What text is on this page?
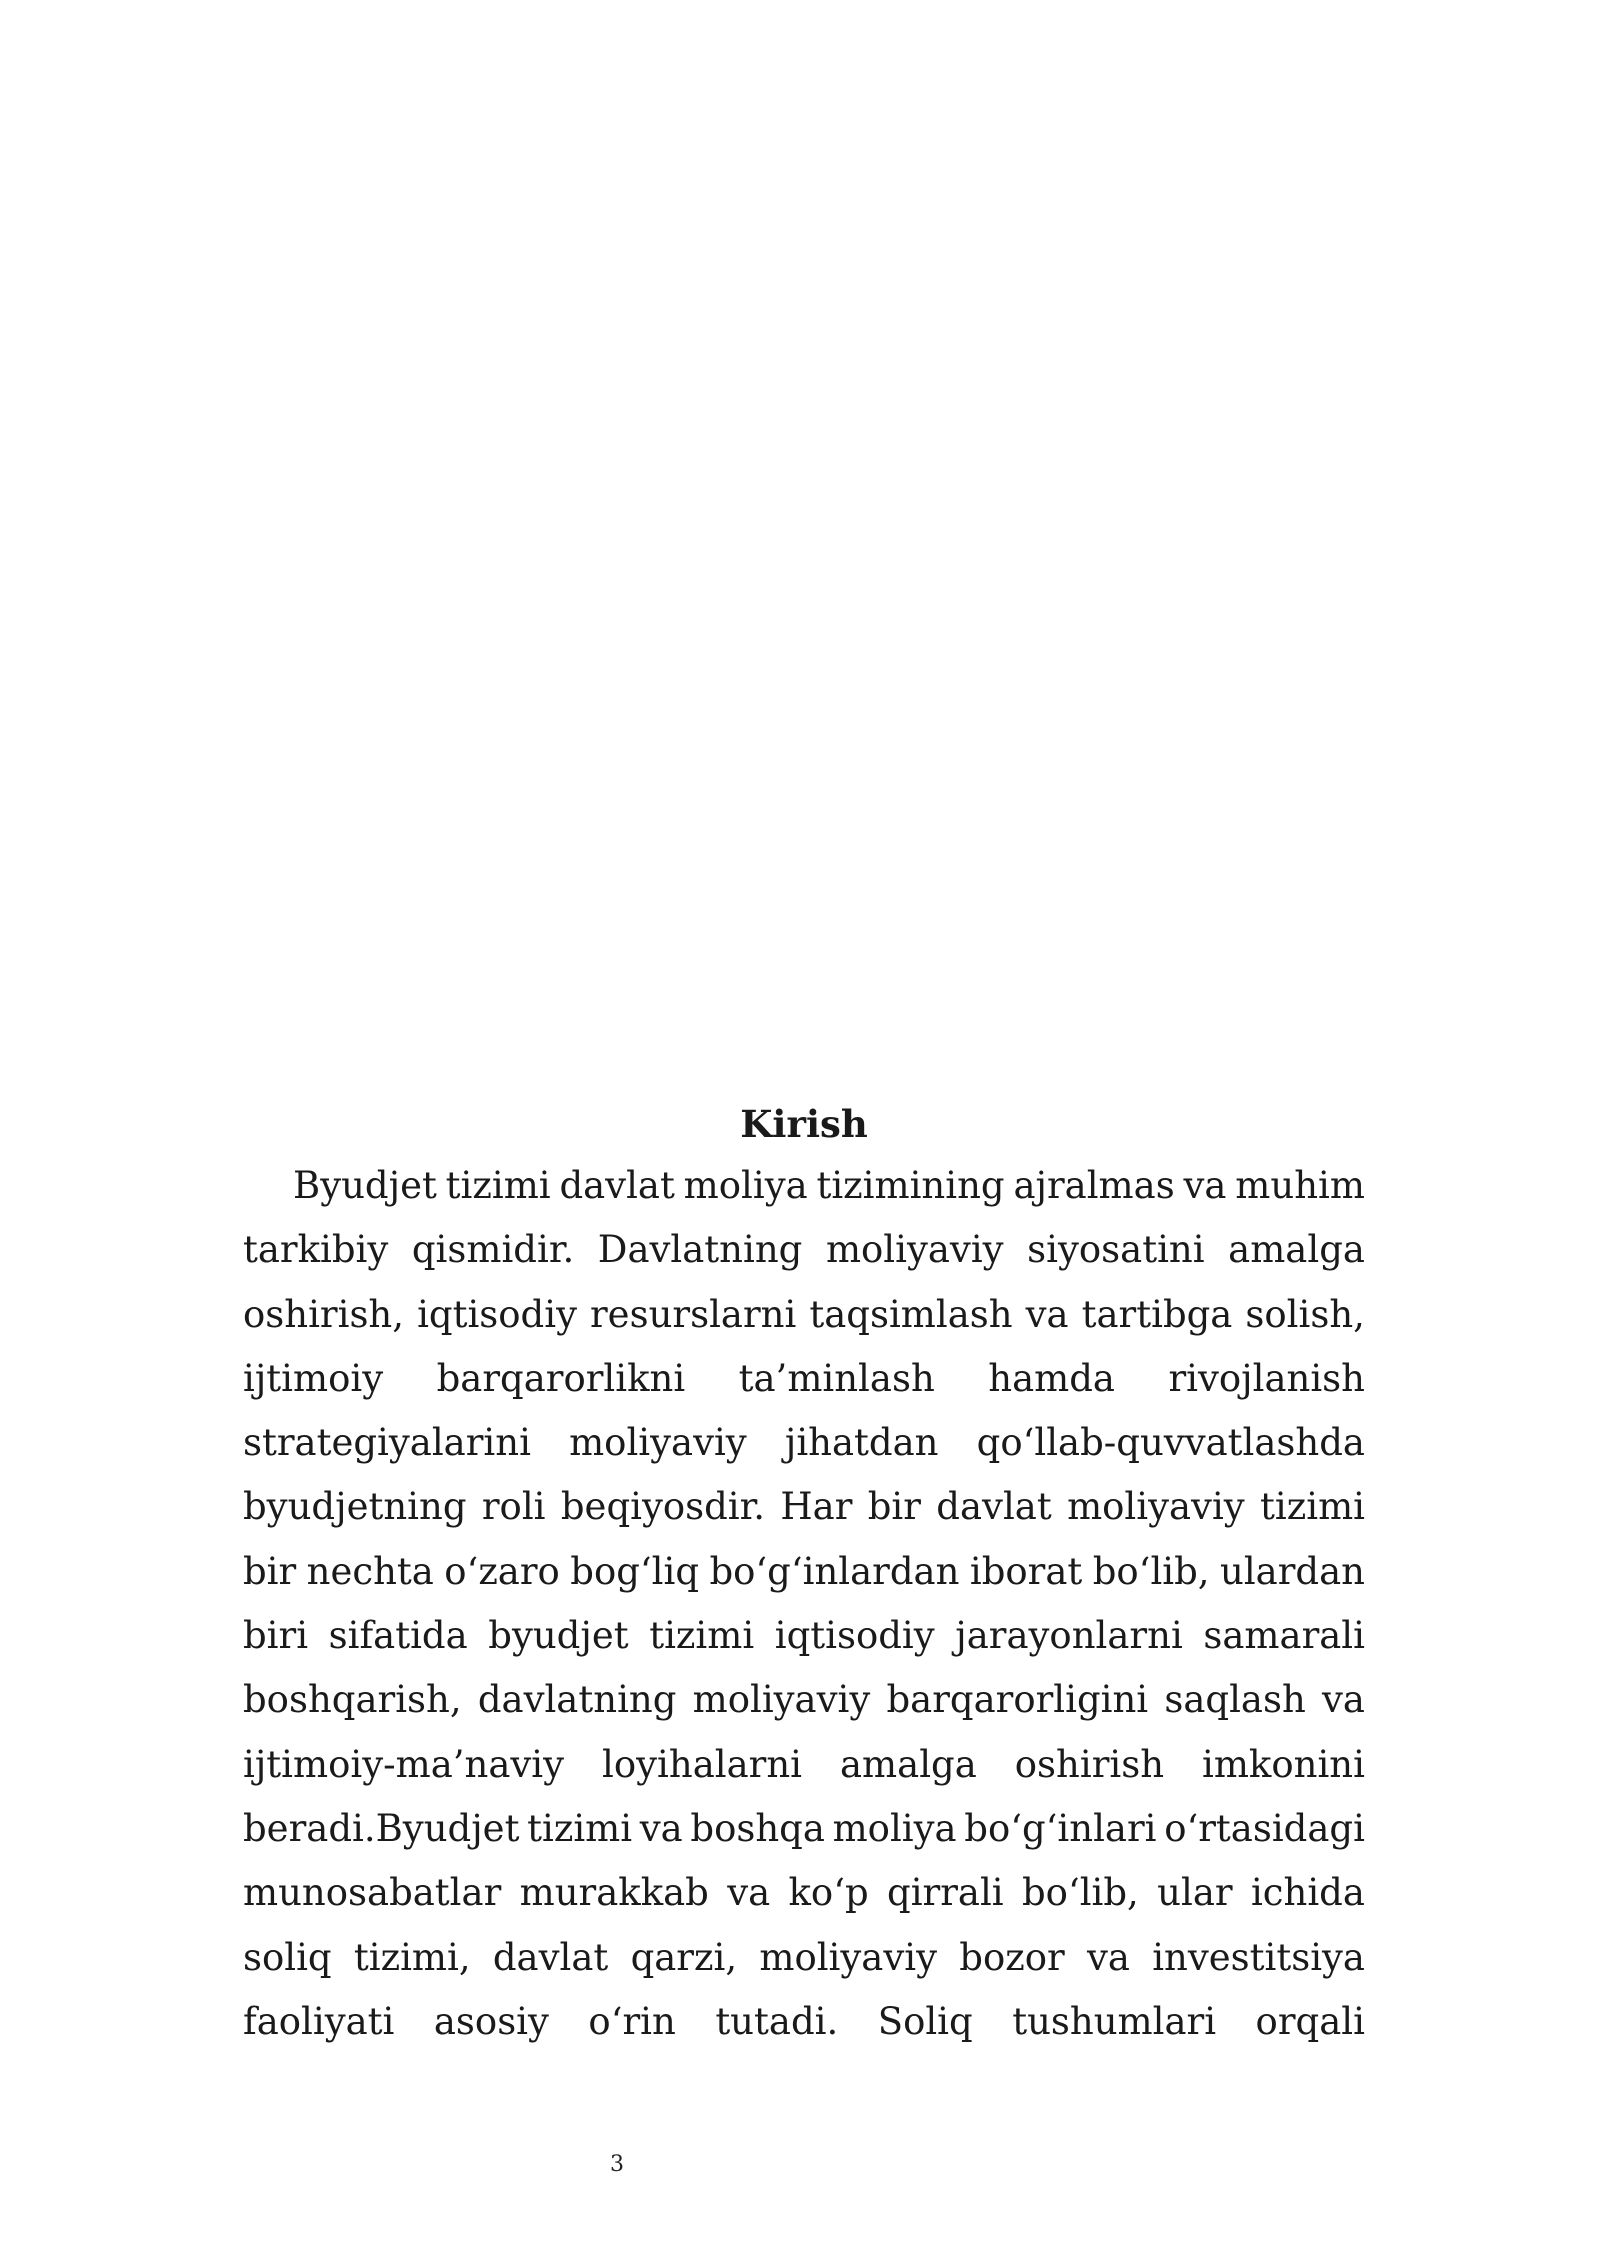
Kirish
Byudjet tizimi davlat moliya tizimining ajralmas va muhim
tarkibiy qismidir. Davlatning moliyaviy siyosatini amalga
oshirish, iqtisodiy resurslarni taqsimlash va tartibga solish,
ijtimoiy barqarorlikni ta’minlash hamda rivojlanish
strategiyalarini moliyaviy jihatdan qo‘llab-quvvatlashda
byudjetning roli beqiyosdir. Har bir davlat moliyaviy tizimi
bir nechta o‘zaro bog‘liq bo‘g‘inlardan iborat bo‘lib, ulardan
biri sifatida byudjet tizimi iqtisodiy jarayonlarni samarali
boshqarish, davlatning moliyaviy barqarorligini saqlash va
ijtimoiy-ma’naviy loyihalarni amalga oshirish imkonini
beradi.Byudjet tizimi va boshqa moliya bo‘g‘inlari o‘rtasidagi
munosabatlar murakkab va ko‘p qirrali bo‘lib, ular ichida
soliq tizimi, davlat qarzi, moliyaviy bozor va investitsiya
faoliyati asosiy o‘rin tutadi. Soliq tushumlari orqali
3
